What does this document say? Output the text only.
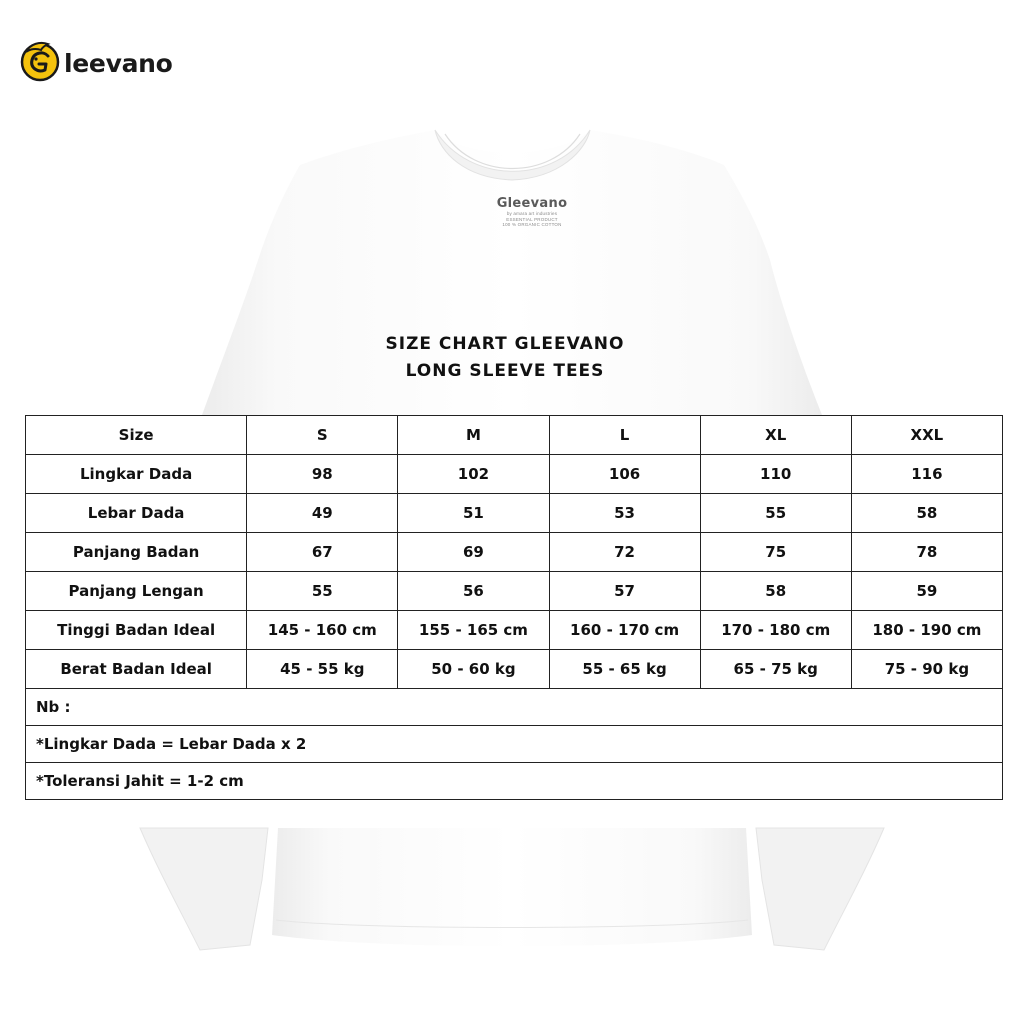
leevano
Gleevano
by amara art industries
ESSENTIAL PRODUCT
100 % ORGANIC COTTON
SIZE CHART GLEEVANO
LONG SLEEVE TEES
Size	S	M	L	XL	XXL
Lingkar Dada	98	102	106	110	116
Lebar Dada	49	51	53	55	58
Panjang Badan	67	69	72	75	78
Panjang Lengan	55	56	57	58	59
Tinggi Badan Ideal	145 - 160 cm	155 - 165 cm	160 - 170 cm	170 - 180 cm	180 - 190 cm
Berat Badan Ideal	45 - 55 kg	50 - 60 kg	55 - 65 kg	65 - 75 kg	75 - 90 kg
Nb :					
*Lingkar Dada = Lebar Dada x 2					
*Toleransi Jahit = 1-2 cm					
